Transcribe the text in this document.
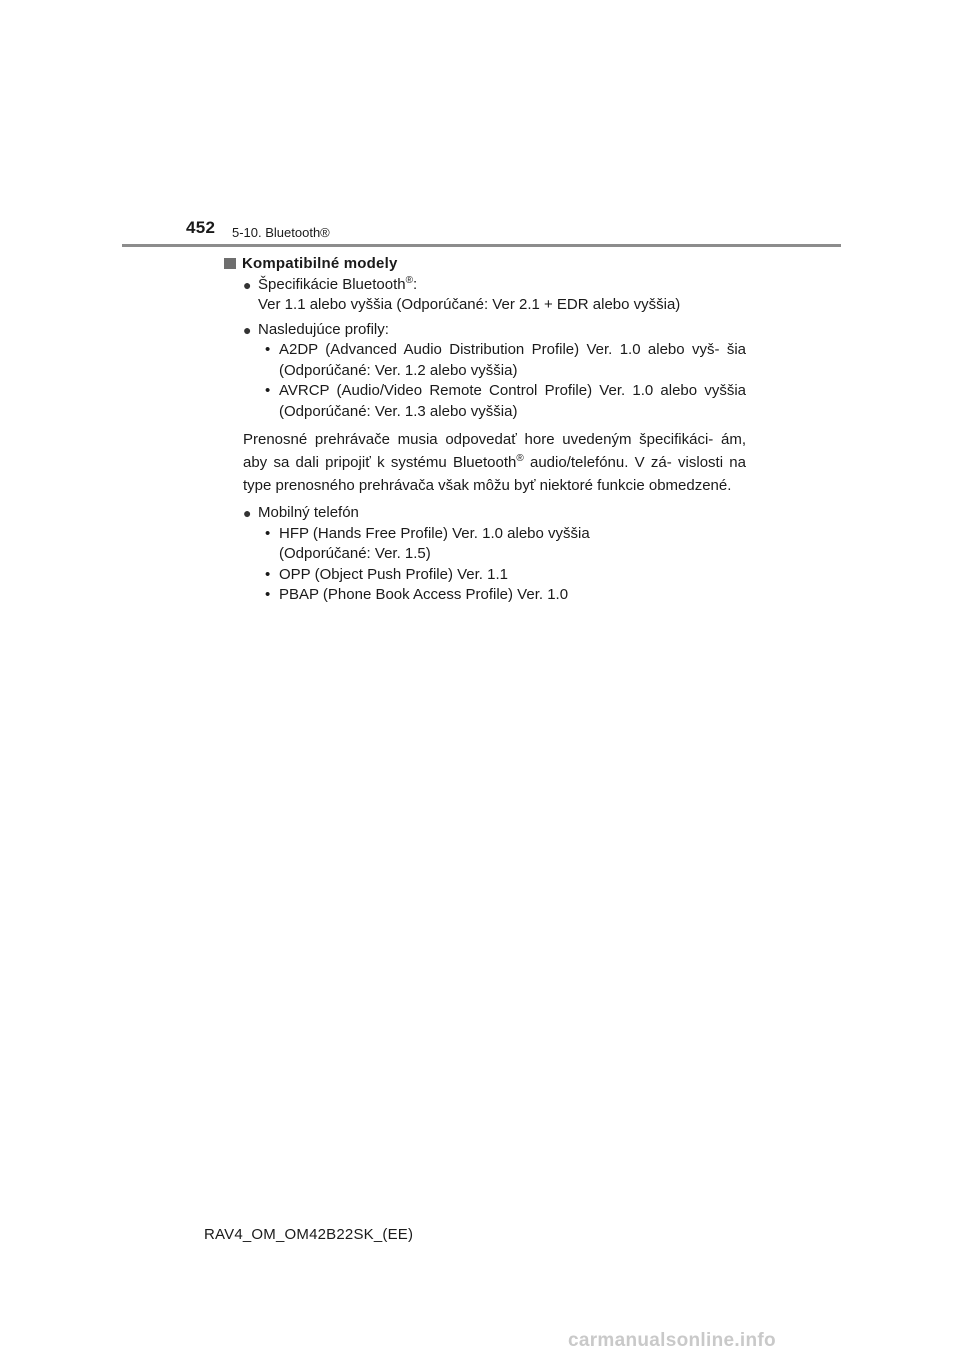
452 5-10. Bluetooth®
Kompatibilné modely
● Špecifikácie Bluetooth®:
Ver 1.1 alebo vyššia (Odporúčané: Ver 2.1 + EDR alebo vyššia)
● Nasledujúce profily:
• A2DP (Advanced Audio Distribution Profile) Ver. 1.0 alebo vyš- šia (Odporúčané: Ver. 1.2 alebo vyššia)
• AVRCP (Audio/Video Remote Control Profile) Ver. 1.0 alebo vyššia (Odporúčané: Ver. 1.3 alebo vyššia)

Prenosné prehrávače musia odpovedať hore uvedeným špecifikáci- ám, aby sa dali pripojiť k systému Bluetooth® audio/telefónu. V zá- vislosti na type prenosného prehrávača však môžu byť niektoré funkcie obmedzené.

● Mobilný telefón
• HFP (Hands Free Profile) Ver. 1.0 alebo vyššia
(Odporúčané: Ver. 1.5)
• OPP (Object Push Profile) Ver. 1.1
• PBAP (Phone Book Access Profile) Ver. 1.0
RAV4_OM_OM42B22SK_(EE)
carmanualsonline.info
